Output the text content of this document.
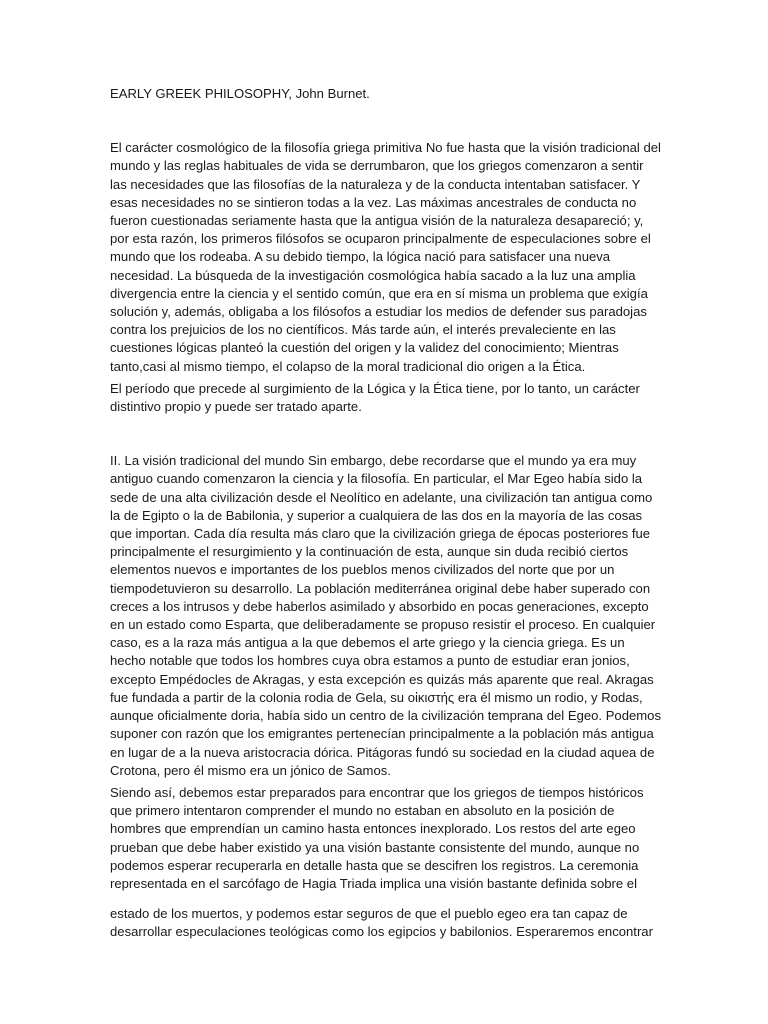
EARLY GREEK PHILOSOPHY, John Burnet.

El carácter cosmológico de la filosofía griega primitiva No fue hasta que la visión tradicional del mundo y las reglas habituales de vida se derrumbaron, que los griegos comenzaron a sentir las necesidades que las filosofías de la naturaleza y de la conducta intentaban satisfacer. Y esas necesidades no se sintieron todas a la vez. Las máximas ancestrales de conducta no fueron cuestionadas seriamente hasta que la antigua visión de la naturaleza desapareció; y, por esta razón, los primeros filósofos se ocuparon principalmente de especulaciones sobre el mundo que los rodeaba. A su debido tiempo, la lógica nació para satisfacer una nueva necesidad. La búsqueda de la investigación cosmológica había sacado a la luz una amplia divergencia entre la ciencia y el sentido común, que era en sí misma un problema que exigía solución y, además, obligaba a los filósofos a estudiar los medios de defender sus paradojas contra los prejuicios de los no científicos. Más tarde aún, el interés prevaleciente en las cuestiones lógicas planteó la cuestión del origen y la validez del conocimiento; Mientras tanto,casi al mismo tiempo, el colapso de la moral tradicional dio origen a la Ética.

El período que precede al surgimiento de la Lógica y la Ética tiene, por lo tanto, un carácter distintivo propio y puede ser tratado aparte.

II. La visión tradicional del mundo Sin embargo, debe recordarse que el mundo ya era muy antiguo cuando comenzaron la ciencia y la filosofía. En particular, el Mar Egeo había sido la sede de una alta civilización desde el Neolítico en adelante, una civilización tan antigua como la de Egipto o la de Babilonia, y superior a cualquiera de las dos en la mayoría de las cosas que importan. Cada día resulta más claro que la civilización griega de épocas posteriores fue principalmente el resurgimiento y la continuación de esta, aunque sin duda recibió ciertos elementos nuevos e importantes de los pueblos menos civilizados del norte que por un tiempodetuvieron su desarrollo. La población mediterránea original debe haber superado con creces a los intrusos y debe haberlos asimilado y absorbido en pocas generaciones, excepto en un estado como Esparta, que deliberadamente se propuso resistir el proceso. En cualquier caso, es a la raza más antigua a la que debemos el arte griego y la ciencia griega. Es un hecho notable que todos los hombres cuya obra estamos a punto de estudiar eran jonios, excepto Empédocles de Akragas, y esta excepción es quizás más aparente que real. Akragas fue fundada a partir de la colonia rodia de Gela, su οἰκιστής era él mismo un rodio, y Rodas, aunque oficialmente doria, había sido un centro de la civilización temprana del Egeo. Podemos suponer con razón que los emigrantes pertenecían principalmente a la población más antigua en lugar de a la nueva aristocracia dórica. Pitágoras fundó su sociedad en la ciudad aquea de Crotona, pero él mismo era un jónico de Samos.

Siendo así, debemos estar preparados para encontrar que los griegos de tiempos históricos que primero intentaron comprender el mundo no estaban en absoluto en la posición de hombres que emprendían un camino hasta entonces inexplorado. Los restos del arte egeo prueban que debe haber existido ya una visión bastante consistente del mundo, aunque no podemos esperar recuperarla en detalle hasta que se descifren los registros. La ceremonia representada en el sarcófago de Hagia Triada implica una visión bastante definida sobre el

estado de los muertos, y podemos estar seguros de que el pueblo egeo era tan capaz de desarrollar especulaciones teológicas como los egipcios y babilonios. Esperaremos encontrar
